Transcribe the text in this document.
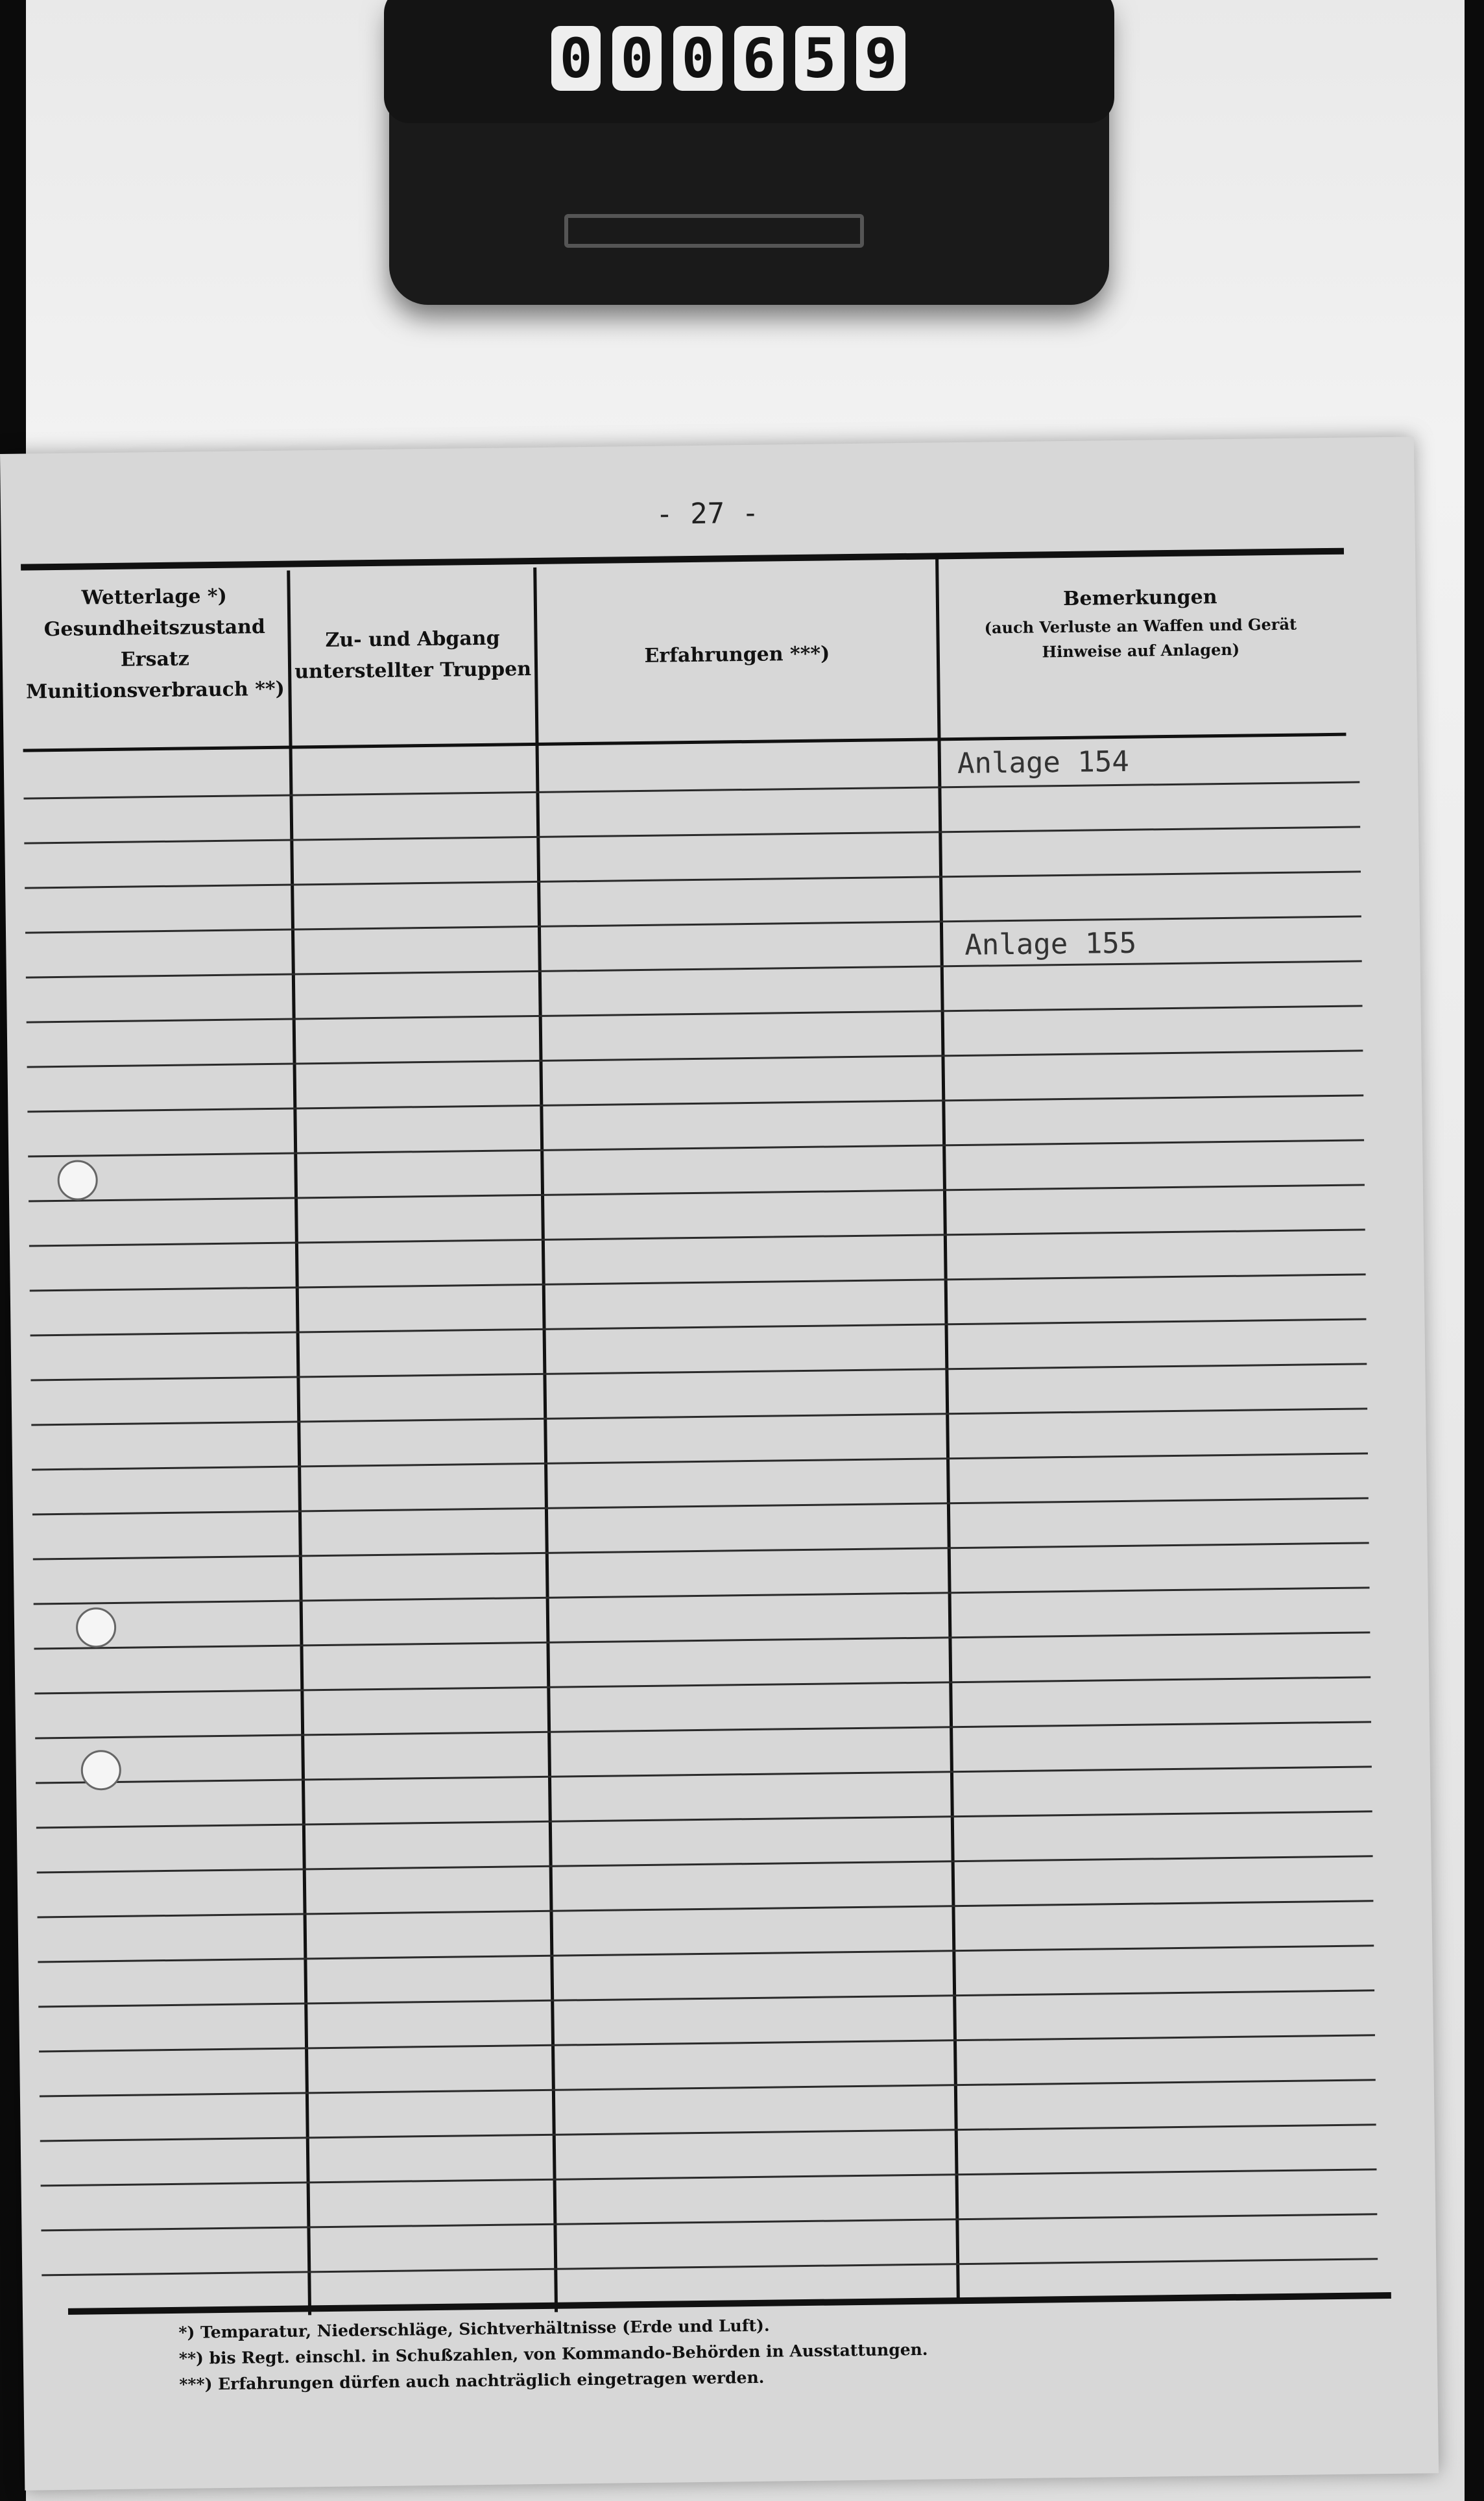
0 0 0 6 5 9
- 27 -
Wetterlage *)
Gesundheitszustand
Ersatz
Munitionsverbrauch **)
Zu- und Abgang
unterstellter Truppen
Erfahrungen ***)
Bemerkungen
(auch Verluste an Waffen und Gerät
Hinweise auf Anlagen)
Anlage 154
Anlage 155
*) Temparatur, Niederschläge, Sichtverhältnisse (Erde und Luft).
**) bis Regt. einschl. in Schußzahlen, von Kommando-Behörden in Ausstattungen.
***) Erfahrungen dürfen auch nachträglich eingetragen werden.
